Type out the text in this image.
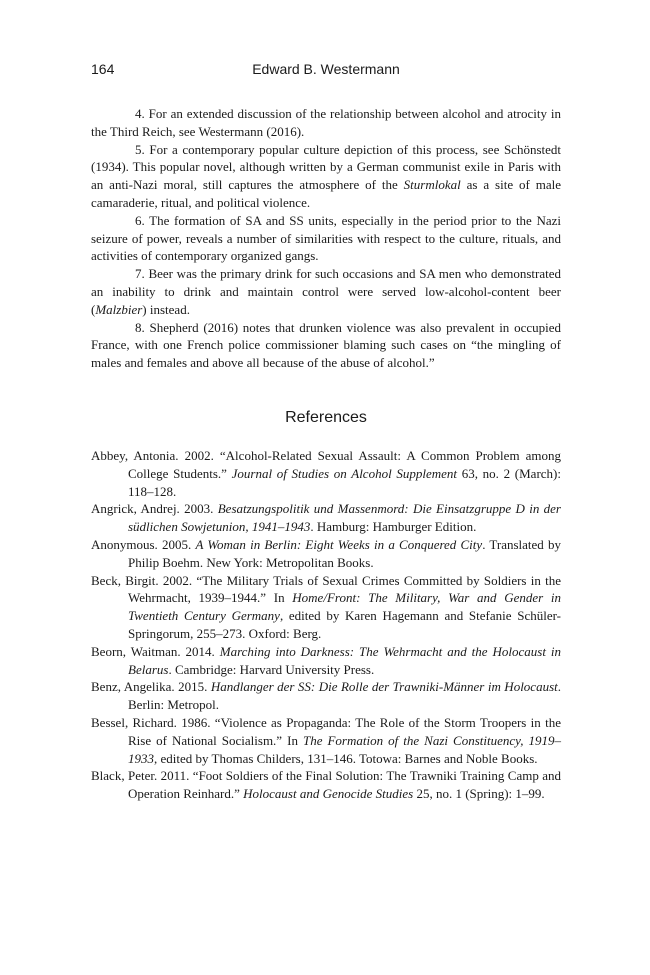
164	Edward B. Westermann

4. For an extended discussion of the relationship between alcohol and atrocity in the Third Reich, see Westermann (2016).

5. For a contemporary popular culture depiction of this process, see Schönstedt (1934). This popular novel, although written by a German communist exile in Paris with an anti-Nazi moral, still captures the atmosphere of the Sturmlokal as a site of male camaraderie, ritual, and political violence.

6. The formation of SA and SS units, especially in the period prior to the Nazi seizure of power, reveals a number of similarities with respect to the culture, rituals, and activities of contemporary organized gangs.

7. Beer was the primary drink for such occasions and SA men who demonstrated an inability to drink and maintain control were served low-alcohol-content beer (Malzbier) instead.

8. Shepherd (2016) notes that drunken violence was also prevalent in occupied France, with one French police commissioner blaming such cases on “the mingling of males and females and above all because of the abuse of alcohol.”

References

Abbey, Antonia. 2002. “Alcohol-Related Sexual Assault: A Common Problem among College Students.” Journal of Studies on Alcohol Supplement 63, no. 2 (March): 118–128.

Angrick, Andrej. 2003. Besatzungspolitik und Massenmord: Die Einsatzgruppe D in der südlichen Sowjetunion, 1941–1943. Hamburg: Hamburger Edition.

Anonymous. 2005. A Woman in Berlin: Eight Weeks in a Conquered City. Translated by Philip Boehm. New York: Metropolitan Books.

Beck, Birgit. 2002. “The Military Trials of Sexual Crimes Committed by Soldiers in the Wehrmacht, 1939–1944.” In Home/Front: The Military, War and Gender in Twentieth Century Germany, edited by Karen Hagemann and Stefanie Schüler-Springorum, 255–273. Oxford: Berg.

Beorn, Waitman. 2014. Marching into Darkness: The Wehrmacht and the Holocaust in Belarus. Cambridge: Harvard University Press.

Benz, Angelika. 2015. Handlanger der SS: Die Rolle der Trawniki-Männer im Holocaust. Berlin: Metropol.

Bessel, Richard. 1986. “Violence as Propaganda: The Role of the Storm Troopers in the Rise of National Socialism.” In The Formation of the Nazi Constituency, 1919–1933, edited by Thomas Childers, 131–146. Totowa: Barnes and Noble Books.

Black, Peter. 2011. “Foot Soldiers of the Final Solution: The Trawniki Training Camp and Operation Reinhard.” Holocaust and Genocide Studies 25, no. 1 (Spring): 1–99.
